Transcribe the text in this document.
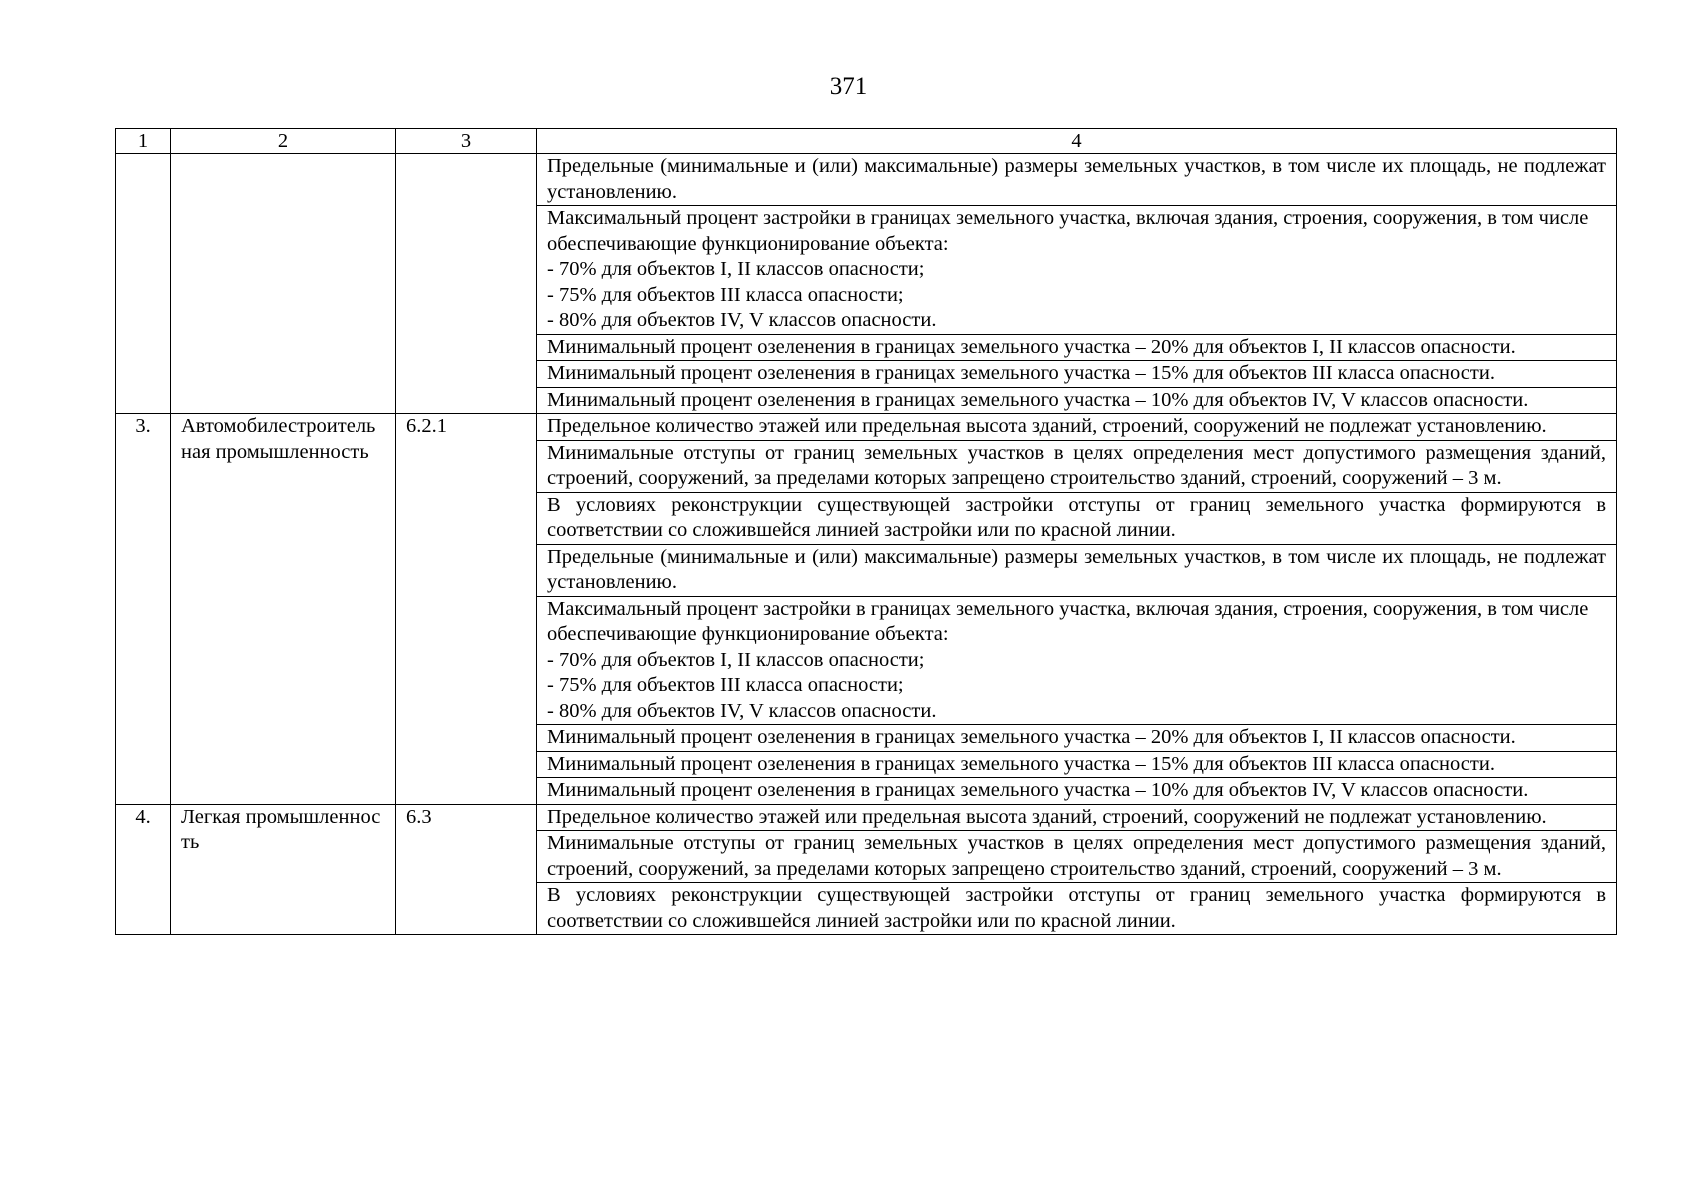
371
1	2	3	4

			Предельные (минимальные и (или) максимальные) размеры земельных участков, в том числе их площадь, не подлежат установлению.

			Максимальный процент застройки в границах земельного участка, включая здания, строения, сооружения, в том числе обеспечивающие функционирование объекта:
- 70% для объектов I, II классов опасности;
- 75% для объектов III класса опасности;
- 80% для объектов IV, V классов опасности.

			Минимальный процент озеленения в границах земельного участка – 20% для объектов I, II классов опасности.

			Минимальный процент озеленения в границах земельного участка – 15% для объектов III класса опасности.

			Минимальный процент озеленения в границах земельного участка – 10% для объектов IV, V классов опасности.

3.	Автомобилестроительная промышленность	6.2.1	Предельное количество этажей или предельная высота зданий, строений, сооружений не подлежат установлению.

			Минимальные отступы от границ земельных участков в целях определения мест допустимого размещения зданий, строений, сооружений, за пределами которых запрещено строительство зданий, строений, сооружений – 3 м.

			В условиях реконструкции существующей застройки отступы от границ земельного участка формируются в соответствии со сложившейся линией застройки или по красной линии.

			Предельные (минимальные и (или) максимальные) размеры земельных участков, в том числе их площадь, не подлежат установлению.

			Максимальный процент застройки в границах земельного участка, включая здания, строения, сооружения, в том числе обеспечивающие функционирование объекта:
- 70% для объектов I, II классов опасности;
- 75% для объектов III класса опасности;
- 80% для объектов IV, V классов опасности.

			Минимальный процент озеленения в границах земельного участка – 20% для объектов I, II классов опасности.

			Минимальный процент озеленения в границах земельного участка – 15% для объектов III класса опасности.

			Минимальный процент озеленения в границах земельного участка – 10% для объектов IV, V классов опасности.

4.	Легкая промышленность	6.3	Предельное количество этажей или предельная высота зданий, строений, сооружений не подлежат установлению.

			Минимальные отступы от границ земельных участков в целях определения мест допустимого размещения зданий, строений, сооружений, за пределами которых запрещено строительство зданий, строений, сооружений – 3 м.

			В условиях реконструкции существующей застройки отступы от границ земельного участка формируются в соответствии со сложившейся линией застройки или по красной линии.
